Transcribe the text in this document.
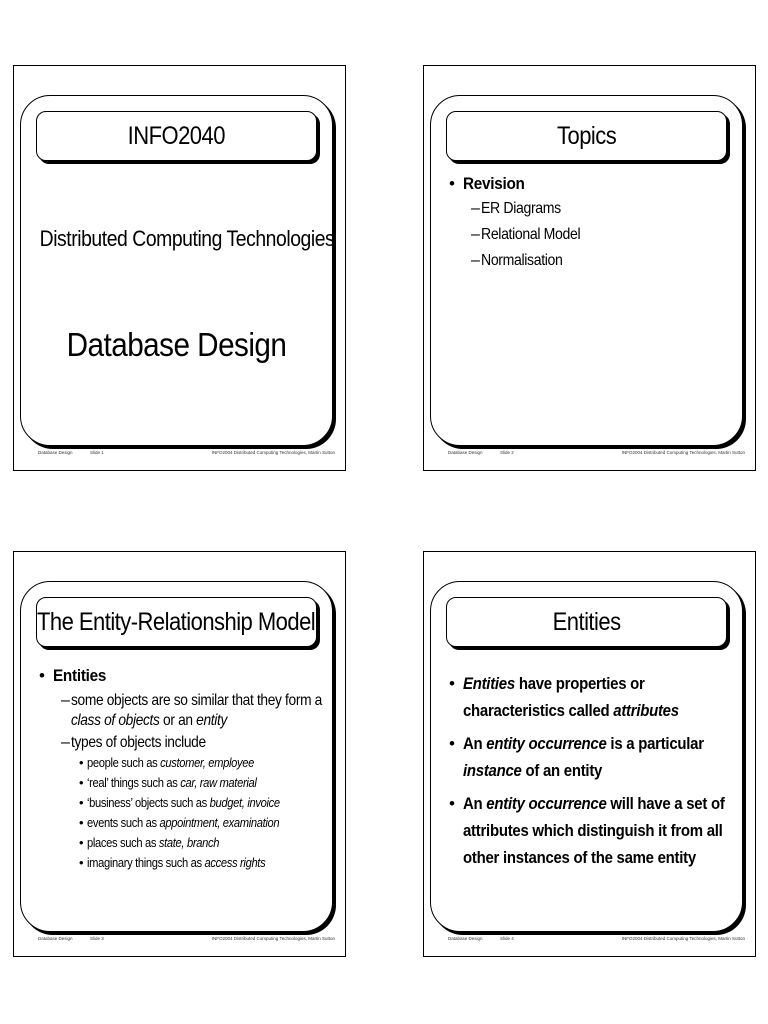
INFO2040
Distributed Computing Technologies
Database Design
Database Design	Slide 1	INFO2004 Distributed Computing Technologies, Martin Sutton
Topics
• Revision
– ER Diagrams
– Relational Model
– Normalisation
Database Design	Slide 2	INFO2004 Distributed Computing Technologies, Martin Sutton
The Entity-Relationship Model
• Entities
– some objects are so similar that they form a
class of objects or an entity
– types of objects include
• people such as customer, employee
• ‘real’ things such as car, raw material
• ‘business’ objects such as budget, invoice
• events such as appointment, examination
• places such as state, branch
• imaginary things such as access rights
Database Design	Slide 3	INFO2004 Distributed Computing Technologies, Martin Sutton
Entities
• Entities have properties or characteristics called attributes
• An entity occurrence is a particular instance of an entity
• An entity occurrence will have a set of attributes which distinguish it from all other instances of the same entity
Database Design	Slide 4	INFO2004 Distributed Computing Technologies, Martin Sutton
